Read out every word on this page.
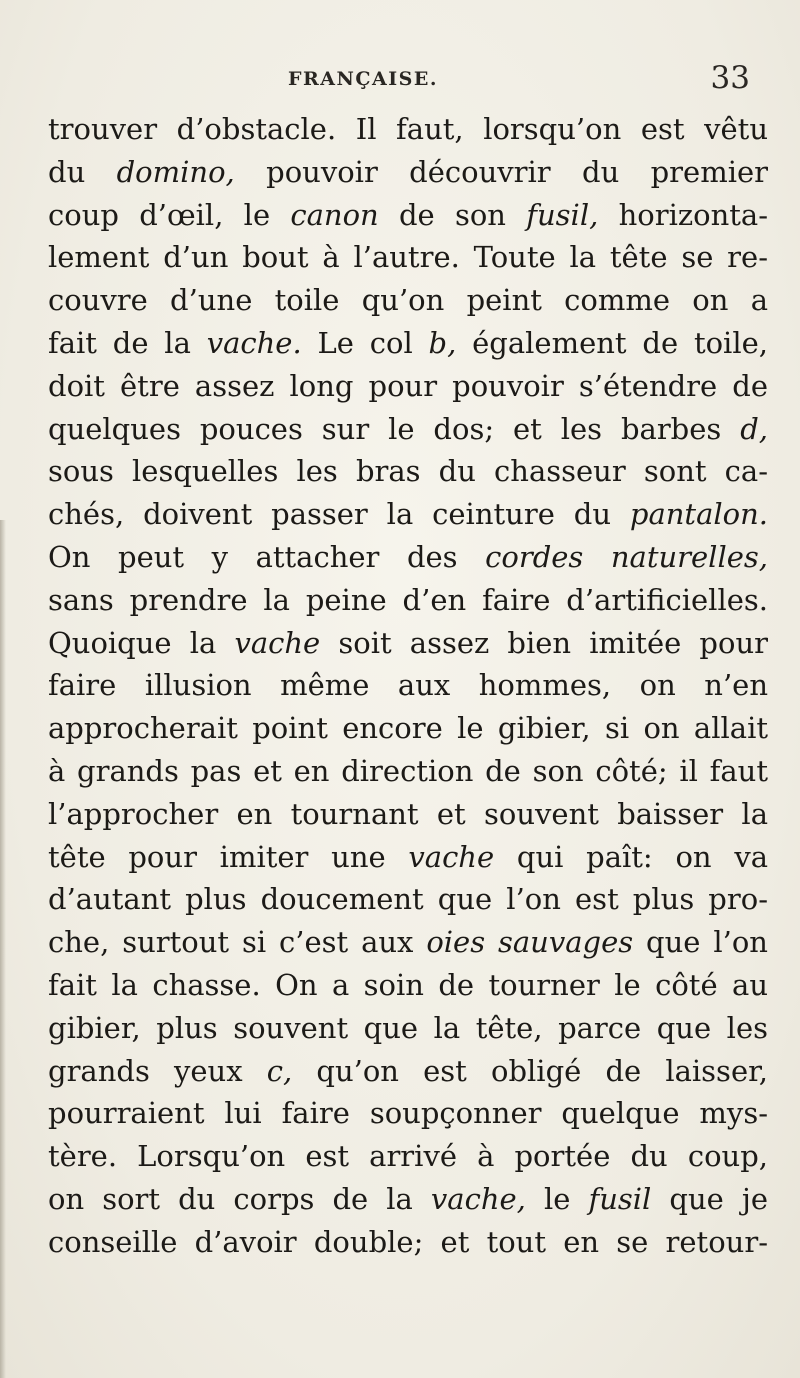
FRANÇAISE.	33
trouver d’obstacle. Il faut, lorsqu’on est vêtu
du domino, pouvoir découvrir du premier
coup d’œil, le canon de son fusil, horizonta-
lement d’un bout à l’autre. Toute la tête se re-
couvre d’une toile qu’on peint comme on a
fait de la vache. Le col b, également de toile,
doit être assez long pour pouvoir s’étendre de
quelques pouces sur le dos; et les barbes d,
sous lesquelles les bras du chasseur sont ca-
chés, doivent passer la ceinture du pantalon.
On peut y attacher des cordes naturelles,
sans prendre la peine d’en faire d’artificielles.
Quoique la vache soit assez bien imitée pour
faire illusion même aux hommes, on n’en
approcherait point encore le gibier, si on allait
à grands pas et en direction de son côté; il faut
l’approcher en tournant et souvent baisser la
tête pour imiter une vache qui paît: on va
d’autant plus doucement que l’on est plus pro-
che, surtout si c’est aux oies sauvages que l’on
fait la chasse. On a soin de tourner le côté au
gibier, plus souvent que la tête, parce que les
grands yeux c, qu’on est obligé de laisser,
pourraient lui faire soupçonner quelque mys-
tère. Lorsqu’on est arrivé à portée du coup,
on sort du corps de la vache, le fusil que je
conseille d’avoir double; et tout en se retour-
